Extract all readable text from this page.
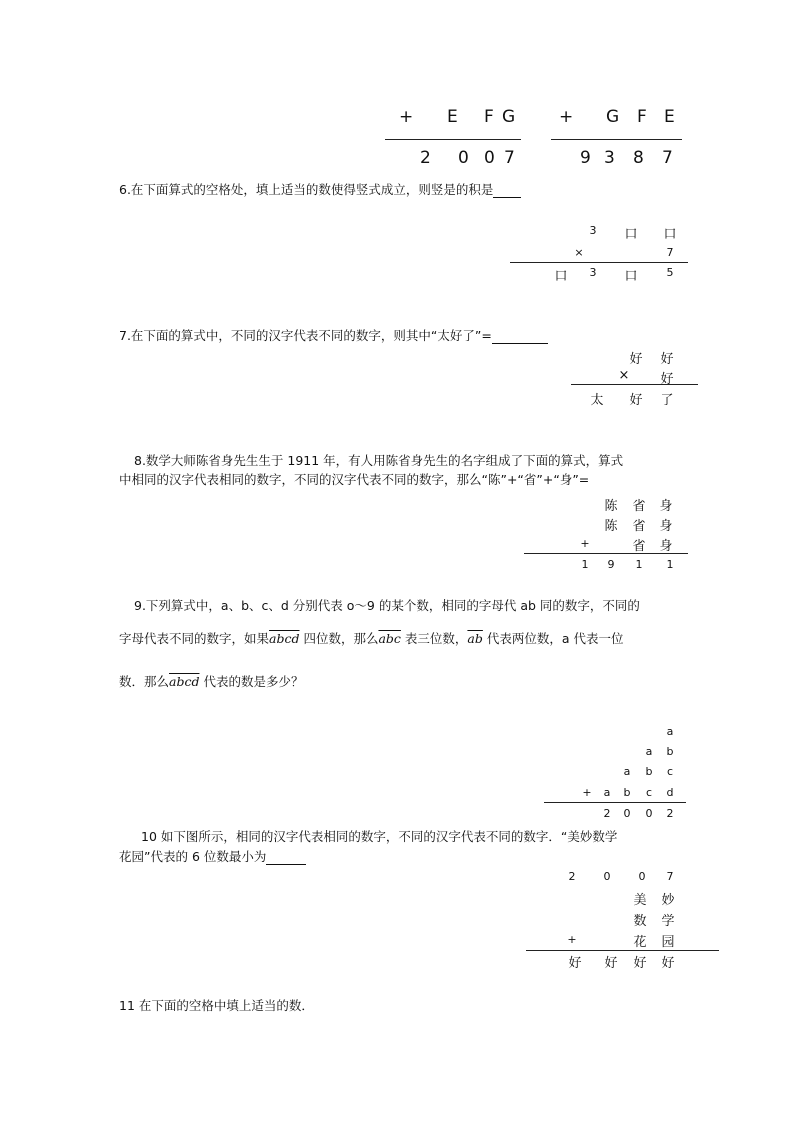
+ E F G
2 0 0 7
+ G F E
9 3 8 7
6.在下面算式的空格处，填上适当的数使得竖式成立，则竖是的积是
3	口 口
×	7
口	3	口	5
7.在下面的算式中，不同的汉字代表不同的数字，则其中“太好了”=
好 好
×	好
太 好 了
8.数学大师陈省身先生生于 1911 年，有人用陈省身先生的名字组成了下面的算式，算式
中相同的汉字代表相同的数字，不同的汉字代表不同的数字，那么“陈”+“省”+“身”=
陈 省 身
陈 省 身
+	省 身
1	9	1	1
9.下列算式中，a、b、c、d 分别代表 o～9 的某个数，相同的字母代 ab 同的数字，不同的
字母代表不同的数字，如果abcd 四位数，那么$\overline{abc}$ 表三位数，$\overline{ab}$ 代表两位数，a 代表一位
数．那么abcd 代表的数是多少？
a
a	b
a	b	c
+	a	b	c	d
2	0	0	2
10 如下图所示，相同的汉字代表相同的数字，不同的汉字代表不同的数字．“美妙数学
花园”代表的 6 位数最小为
2	0	0	7
美 妙
数 学
+	花 园
好 好 好 好
11 在下面的空格中填上适当的数．
